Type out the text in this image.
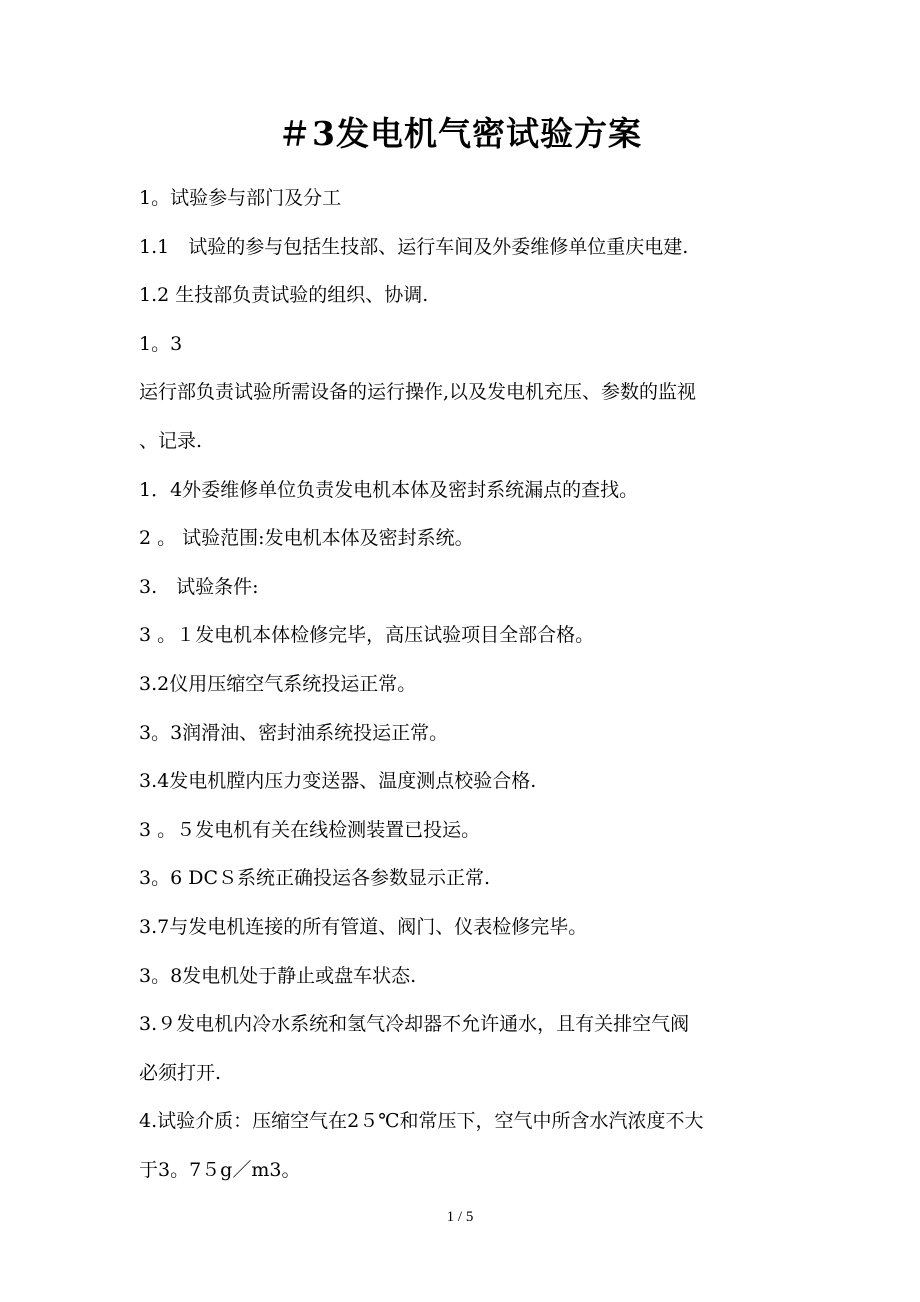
＃3发电机气密试验方案
1。试验参与部门及分工
1.1　试验的参与包括生技部、运行车间及外委维修单位重庆电建.
1.2 生技部负责试验的组织、协调.
1。3
运行部负责试验所需设备的运行操作,以及发电机充压、参数的监视
、记录.
1．4外委维修单位负责发电机本体及密封系统漏点的查找。
2 。 试验范围:发电机本体及密封系统。
3.　试验条件:
3 。１发电机本体检修完毕，高压试验项目全部合格。
3.2仪用压缩空气系统投运正常。
3。3润滑油、密封油系统投运正常。
3.4发电机膛内压力变送器、温度测点校验合格.
3 。５发电机有关在线检测装置已投运。
3。6 DCＳ系统正确投运各参数显示正常.
3.7与发电机连接的所有管道、阀门、仪表检修完毕。
3。8发电机处于静止或盘车状态.
3.９发电机内冷水系统和氢气冷却器不允许通水，且有关排空气阀
必须打开.
4.试验介质：压缩空气在2５℃和常压下，空气中所含水汽浓度不大
于3。7５g／m3。
1 / 5
